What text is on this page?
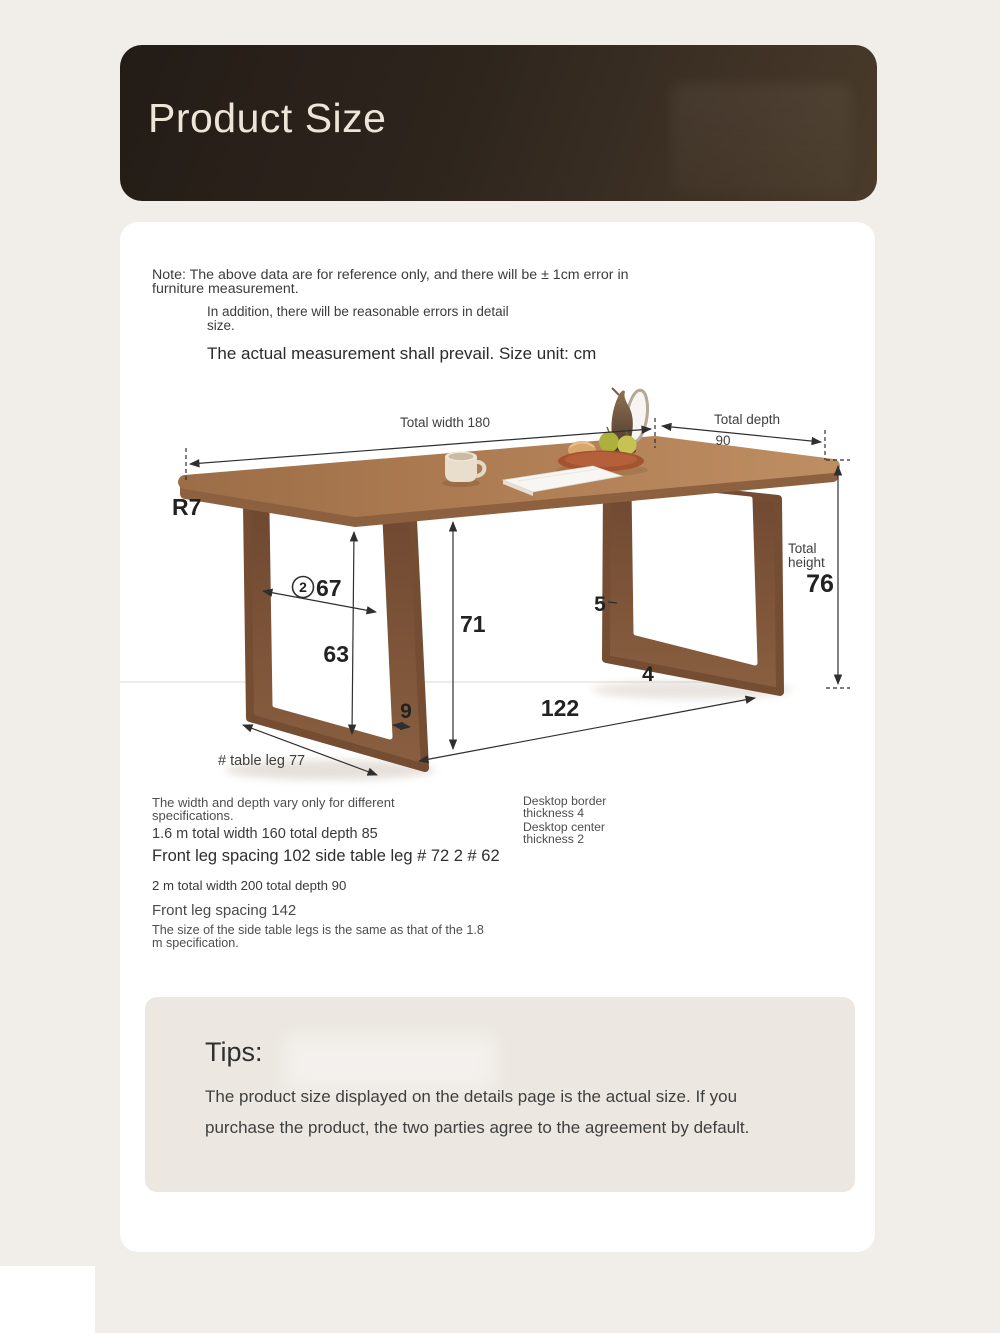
Product Size

Note: The above data are for reference only, and there will be ± 1cm error in furniture measurement.

In addition, there will be reasonable errors in detail size.

The actual measurement shall prevail. Size unit: cm

Total width 180	Total depth
90
Total
height
76
R7
2 67
63
71
122
9
5
4
# table leg 77

The width and depth vary only for different specifications.

1.6 m total width 160 total depth 85

Front leg spacing 102 side table leg # 72 2 # 62

2 m total width 200 total depth 90

Front leg spacing 142

The size of the side table legs is the same as that of the 1.8 m specification.

Desktop border thickness 4

Desktop center thickness 2

Tips:

The product size displayed on the details page is the actual size. If you purchase the product, the two parties agree to the agreement by default.
